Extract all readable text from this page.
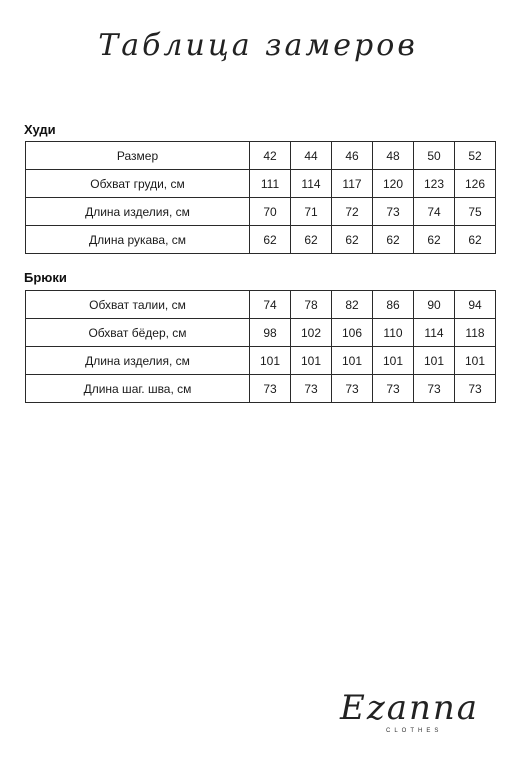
Таблица замеров
Худи
Размер	42	44	46	48	50	52
Обхват груди, см	111	114	117	120	123	126
Длина изделия, см	70	71	72	73	74	75
Длина рукава, см	62	62	62	62	62	62
Брюки
Обхват талии, см	74	78	82	86	90	94
Обхват бёдер, см	98	102	106	110	114	118
Длина изделия, см	101	101	101	101	101	101
Длина шаг. шва, см	73	73	73	73	73	73
Ezanna
CLOTHES
